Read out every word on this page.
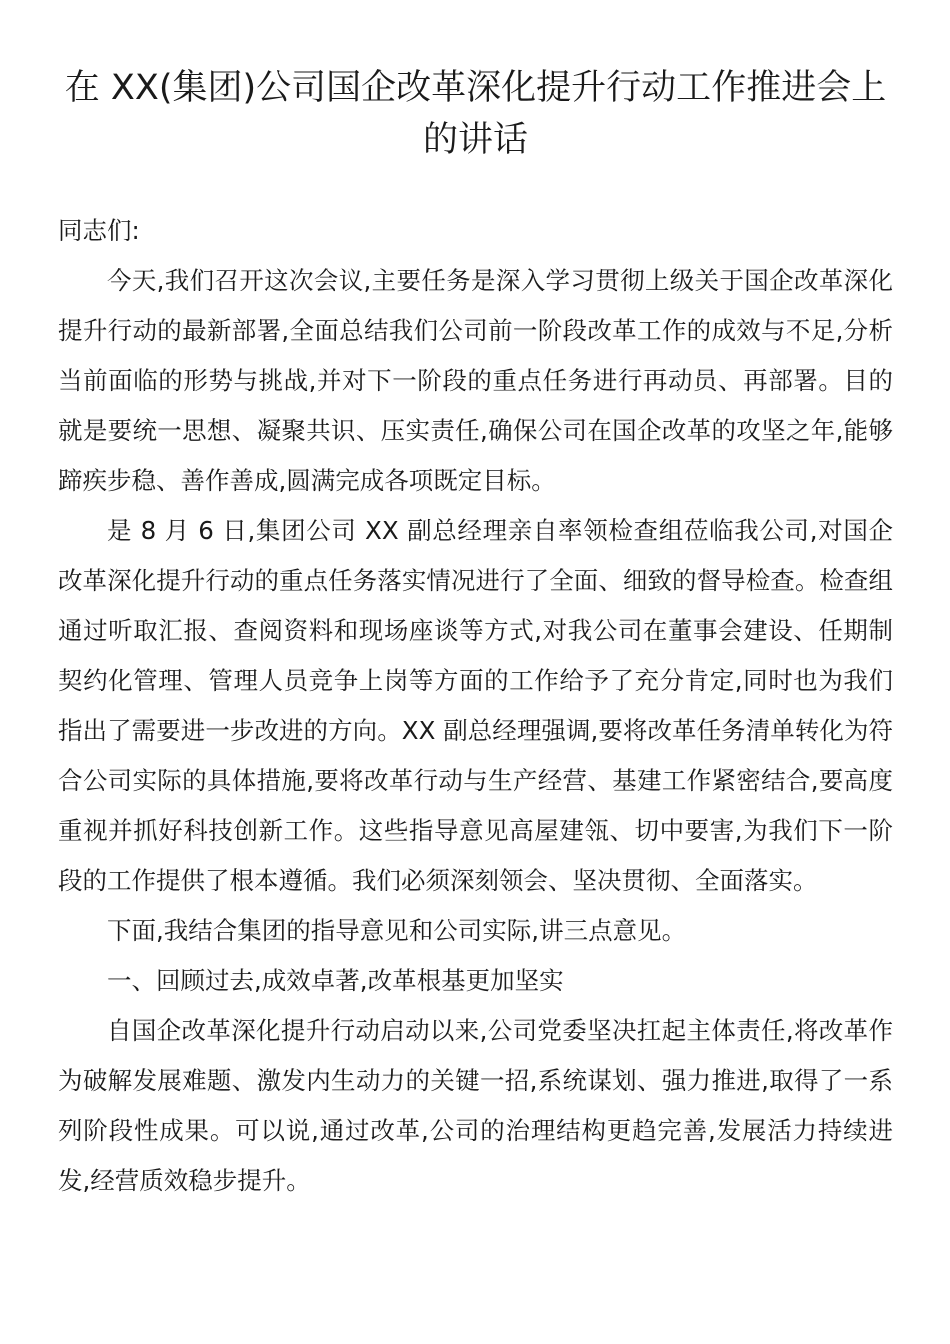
在 XX(集团)公司国企改革深化提升行动工作推进会上的讲话

同志们:

今天,我们召开这次会议,主要任务是深入学习贯彻上级关于国企改革深化提升行动的最新部署,全面总结我们公司前一阶段改革工作的成效与不足,分析当前面临的形势与挑战,并对下一阶段的重点任务进行再动员、再部署。目的就是要统一思想、凝聚共识、压实责任,确保公司在国企改革的攻坚之年,能够蹄疾步稳、善作善成,圆满完成各项既定目标。

是 8 月 6 日,集团公司 XX 副总经理亲自率领检查组莅临我公司,对国企改革深化提升行动的重点任务落实情况进行了全面、细致的督导检查。检查组通过听取汇报、查阅资料和现场座谈等方式,对我公司在董事会建设、任期制契约化管理、管理人员竞争上岗等方面的工作给予了充分肯定,同时也为我们指出了需要进一步改进的方向。XX 副总经理强调,要将改革任务清单转化为符合公司实际的具体措施,要将改革行动与生产经营、基建工作紧密结合,要高度重视并抓好科技创新工作。这些指导意见高屋建瓴、切中要害,为我们下一阶段的工作提供了根本遵循。我们必须深刻领会、坚决贯彻、全面落实。

下面,我结合集团的指导意见和公司实际,讲三点意见。

一、回顾过去,成效卓著,改革根基更加坚实

自国企改革深化提升行动启动以来,公司党委坚决扛起主体责任,将改革作为破解发展难题、激发内生动力的关键一招,系统谋划、强力推进,取得了一系列阶段性成果。可以说,通过改革,公司的治理结构更趋完善,发展活力持续进发,经营质效稳步提升。
